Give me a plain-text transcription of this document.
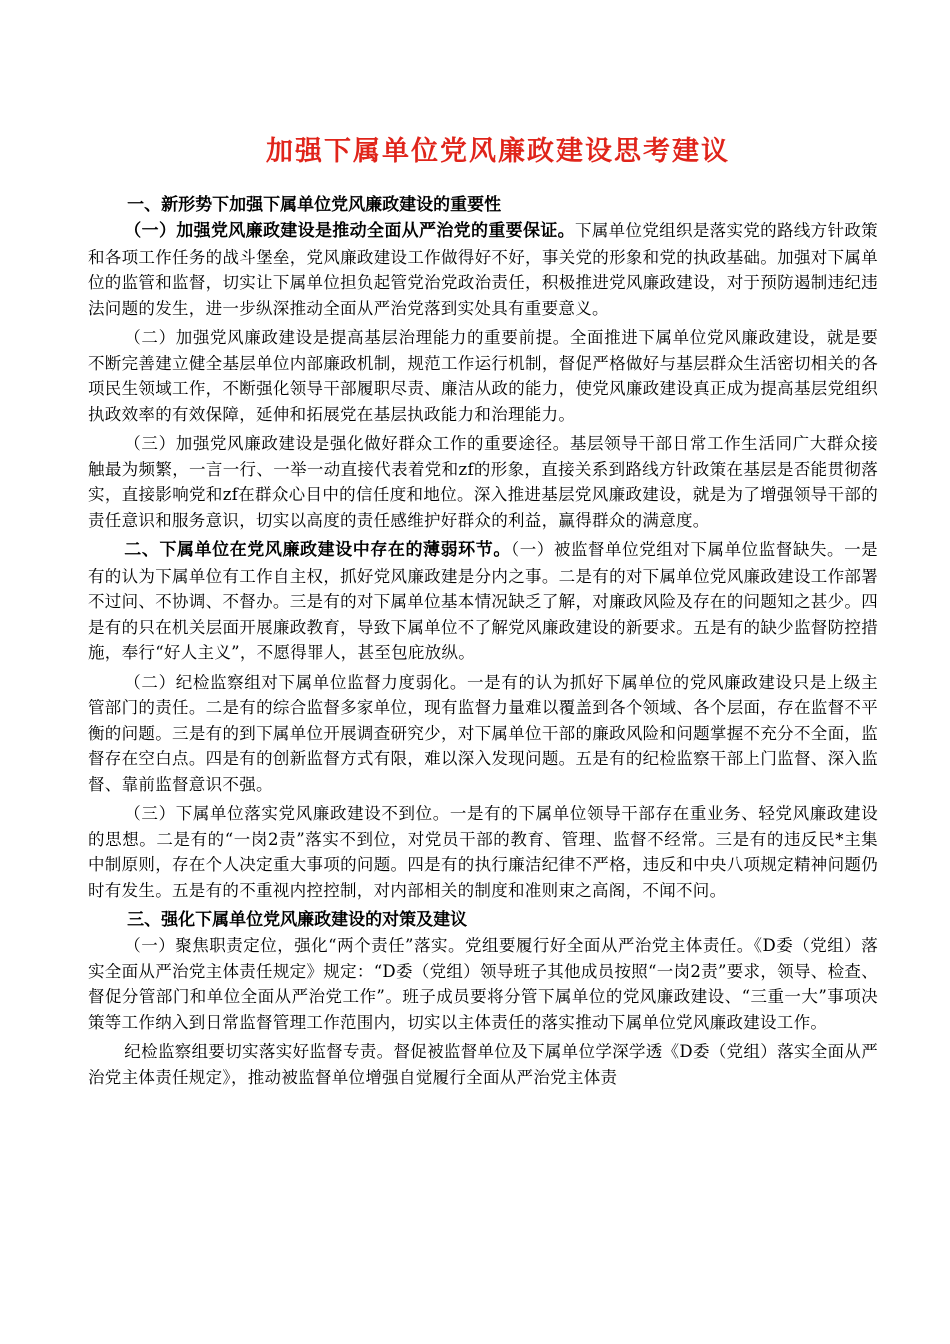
加强下属单位党风廉政建设思考建议

一、新形势下加强下属单位党风廉政建设的重要性

（一）加强党风廉政建设是推动全面从严治党的重要保证。下属单位党组织是落实党的路线方针政策和各项工作任务的战斗堡垒，党风廉政建设工作做得好不好，事关党的形象和党的执政基础。加强对下属单位的监管和监督，切实让下属单位担负起管党治党政治责任，积极推进党风廉政建设，对于预防遏制违纪违法问题的发生，进一步纵深推动全面从严治党落到实处具有重要意义。

（二）加强党风廉政建设是提高基层治理能力的重要前提。全面推进下属单位党风廉政建设，就是要不断完善建立健全基层单位内部廉政机制，规范工作运行机制，督促严格做好与基层群众生活密切相关的各项民生领域工作，不断强化领导干部履职尽责、廉洁从政的能力，使党风廉政建设真正成为提高基层党组织执政效率的有效保障，延伸和拓展党在基层执政能力和治理能力。

（三）加强党风廉政建设是强化做好群众工作的重要途径。基层领导干部日常工作生活同广大群众接触最为频繁，一言一行、一举一动直接代表着党和zf的形象，直接关系到路线方针政策在基层是否能贯彻落实，直接影响党和zf在群众心目中的信任度和地位。深入推进基层党风廉政建设，就是为了增强领导干部的责任意识和服务意识，切实以高度的责任感维护好群众的利益，赢得群众的满意度。

二、下属单位在党风廉政建设中存在的薄弱环节。（一）被监督单位党组对下属单位监督缺失。一是有的认为下属单位有工作自主权，抓好党风廉政建是分内之事。二是有的对下属单位党风廉政建设工作部署不过问、不协调、不督办。三是有的对下属单位基本情况缺乏了解，对廉政风险及存在的问题知之甚少。四是有的只在机关层面开展廉政教育，导致下属单位不了解党风廉政建设的新要求。五是有的缺少监督防控措施，奉行“好人主义”，不愿得罪人，甚至包庇放纵。

（二）纪检监察组对下属单位监督力度弱化。一是有的认为抓好下属单位的党风廉政建设只是上级主管部门的责任。二是有的综合监督多家单位，现有监督力量难以覆盖到各个领域、各个层面，存在监督不平衡的问题。三是有的到下属单位开展调查研究少，对下属单位干部的廉政风险和问题掌握不充分不全面，监督存在空白点。四是有的创新监督方式有限，难以深入发现问题。五是有的纪检监察干部上门监督、深入监督、靠前监督意识不强。

（三）下属单位落实党风廉政建设不到位。一是有的下属单位领导干部存在重业务、轻党风廉政建设的思想。二是有的“一岗2责”落实不到位，对党员干部的教育、管理、监督不经常。三是有的违反民*主集中制原则，存在个人决定重大事项的问题。四是有的执行廉洁纪律不严格，违反和中央八项规定精神问题仍时有发生。五是有的不重视内控控制，对内部相关的制度和准则束之高阁，不闻不问。

三、强化下属单位党风廉政建设的对策及建议

（一）聚焦职责定位，强化“两个责任”落实。党组要履行好全面从严治党主体责任。《D委（党组）落实全面从严治党主体责任规定》规定：“D委（党组）领导班子其他成员按照“一岗2责”要求，领导、检查、督促分管部门和单位全面从严治党工作”。班子成员要将分管下属单位的党风廉政建设、“三重一大”事项决策等工作纳入到日常监督管理工作范围内，切实以主体责任的落实推动下属单位党风廉政建设工作。

纪检监察组要切实落实好监督专责。督促被监督单位及下属单位学深学透《D委（党组）落实全面从严治党主体责任规定》，推动被监督单位增强自觉履行全面从严治党主体责
